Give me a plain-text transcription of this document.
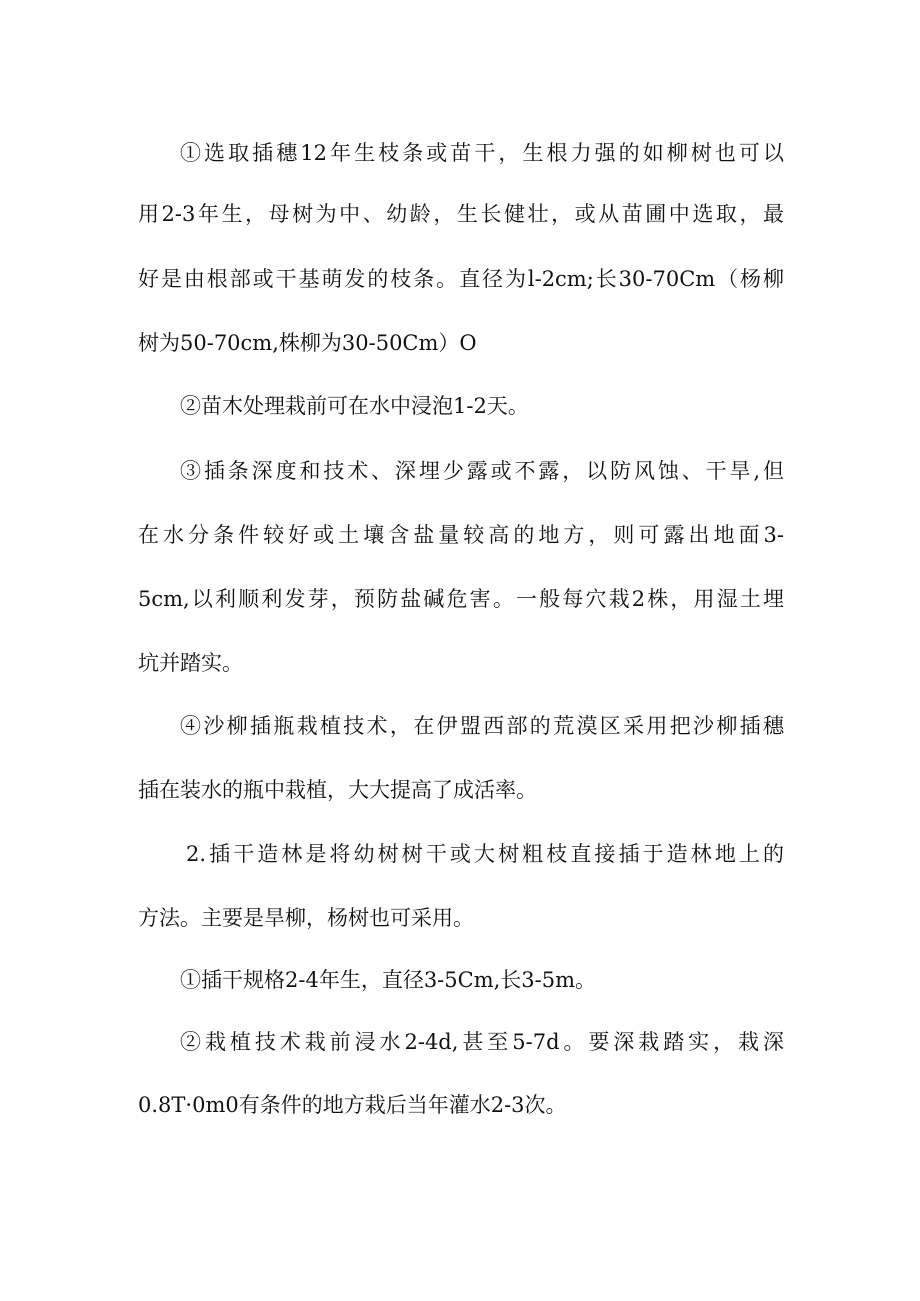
①选取插穗12年生枝条或苗干，生根力强的如柳树也可以
用2-3年生，母树为中、幼龄，生长健壮，或从苗圃中选取，最
好是由根部或干基萌发的枝条。直径为l-2cm;长30-70Cm（杨柳
树为50-70cm,株柳为30-50Cm）O
②苗木处理栽前可在水中浸泡1-2天。
③插条深度和技术、深埋少露或不露，以防风蚀、干旱,但
在水分条件较好或土壤含盐量较高的地方，则可露出地面3-
5cm,以利顺利发芽，预防盐碱危害。一般每穴栽2株，用湿土埋
坑并踏实。
④沙柳插瓶栽植技术，在伊盟西部的荒漠区采用把沙柳插穗
插在装水的瓶中栽植，大大提高了成活率。
2.插干造林是将幼树树干或大树粗枝直接插于造林地上的
方法。主要是旱柳，杨树也可采用。
①插干规格2-4年生，直径3-5Cm,长3-5m。
②栽植技术栽前浸水2-4d,甚至5-7d。要深栽踏实，栽深
0.8T·0m0有条件的地方栽后当年灌水2-3次。
